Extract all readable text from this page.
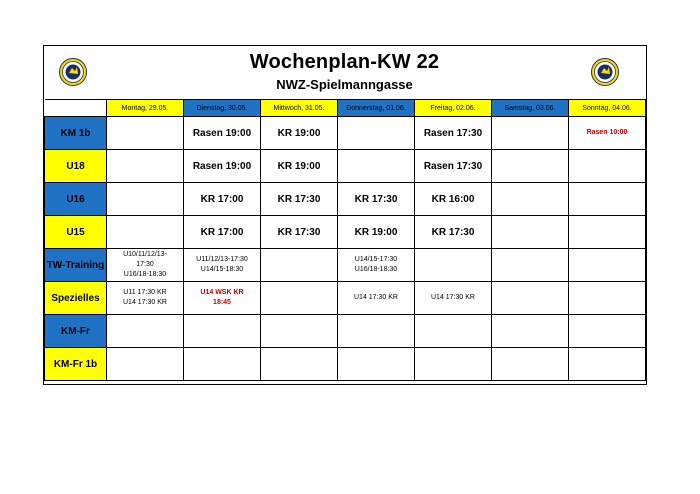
Wochenplan-KW 22
NWZ-Spielmanngasse
	Montag, 29.05.	Dienstag, 30.05.	Mittwoch, 31.05.	Donnerstag, 01.06.	Freitag, 02.06.	Samstag, 03.06.	Sonntag, 04.06.
KM 1b		Rasen 19:00	KR 19:00		Rasen 17:30		Rasen 10:00
U18		Rasen 19:00	KR 19:00		Rasen 17:30		
U16		KR 17:00	KR 17:30	KR 17:30	KR 16:00		
U15		KR 17:00	KR 17:30	KR 19:00	KR 17:30		
TW-Training	U10/11/12/13-
17:30
U16/18-18:30	U11/12/13-17:30
U14/15-18:30		U14/15-17:30
U16/18-18:30			
Spezielles	U11 17:30 KR
U14 17:30 KR	U14 WSK KR
18:45		U14 17:30 KR	U14 17:30 KR		
KM-Fr							
KM-Fr 1b							
